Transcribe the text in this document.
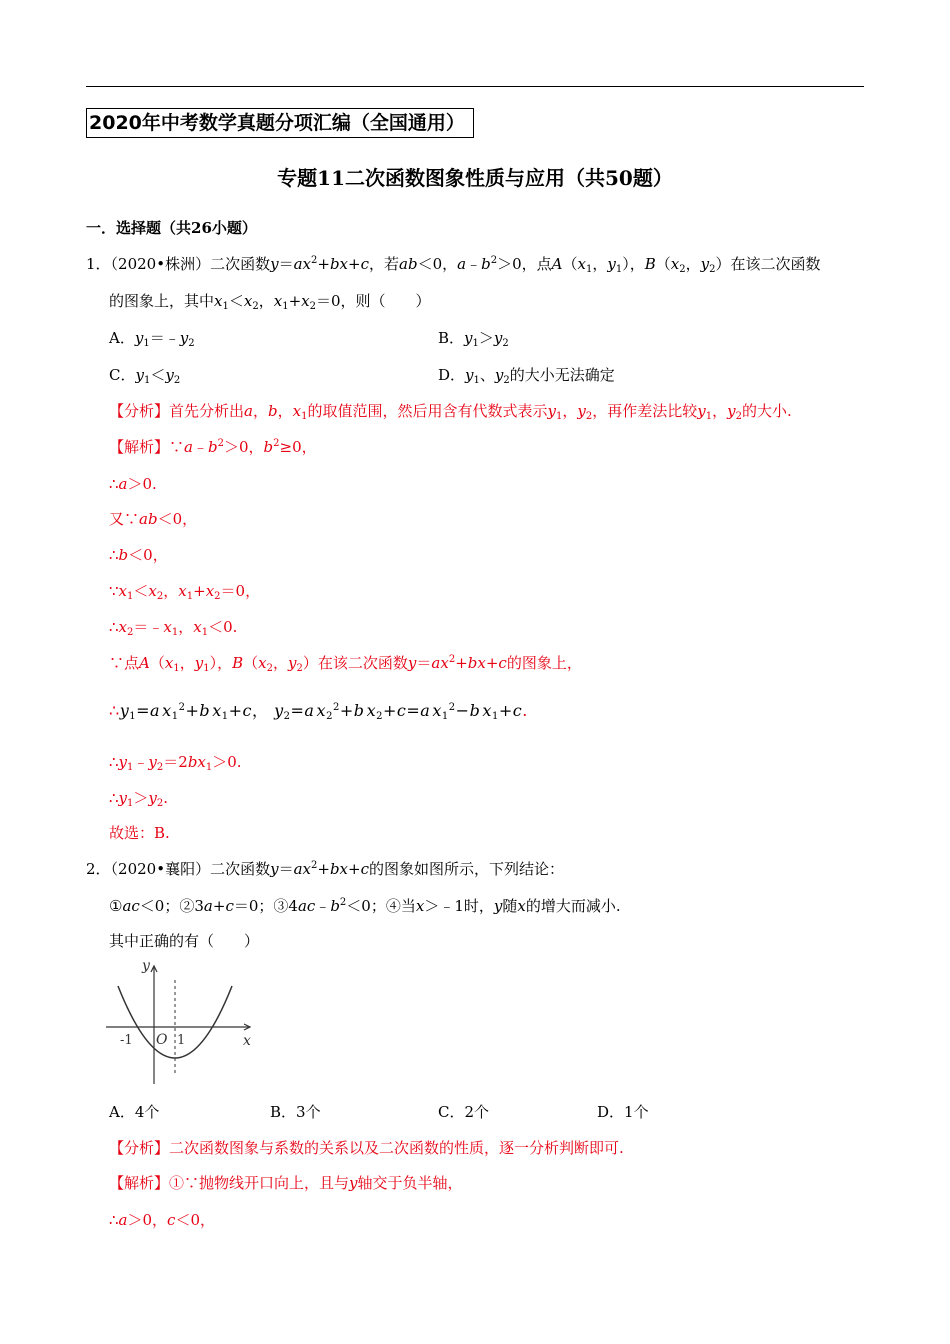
2020年中考数学真题分项汇编（全国通用）
专题11二次函数图象性质与应用（共50题）
一．选择题（共26小题）
1．（2020•株洲）二次函数$y=ax^2+bx+c$，若ab＜0，$a﹣b^2>0$，点$A(x_1$，$y_1$），$B(x_2$，$y_2$）在该二次函数
的图象上，其中$x_1<x_2$，$x_1+x_2=0$，则（　　）
A．$y_1=﹣y_2$	B．$y_1>y_2$
C．$y_1<y_2$	D．$y_1$、$y_2$的大小无法确定
【分析】首先分析出a，b，$x_1$的取值范围，然后用含有代数式表示$y_1$，$y_2$，再作差法比较$y_1$，$y_2$的大小.
【解析】$\because a﹣b^2>0$，$b^2\ge 0$，
∴a＞0.
又∵ab＜0，
∴b＜0，
$\because x_1<x_2$，$x_1+x_2=0$，
$\therefore x_2=﹣x_1$，$x_1<0$.
∵点$A(x_1$，$y_1$），$B(x_2$，$y_2$）在该二次函数$y=ax^2+bx+c$的图象上，
$\therefore y_1=a$  $x_1^2+b$  $x_1+c$， $y_2=a$  $x_2^2+b$  $x_2+c=a$  $x_1^2-b$  $x_1+c$.
$\therefore y_1﹣y_2=2bx_1>0$.
$\therefore y_1>y_2$.
故选：B.
2．（2020•襄阳）二次函数$y=ax^2+bx+c$的图象如图所示，下列结论：
①ac＜0；②3a+c＝0；$③4ac﹣b^2<0$；④当x＞﹣1时，y随x的增大而减小.
其中正确的有（　　）
y
x
-1 O 1
A．4个	B．3个	C．2个	D．1个
【分析】二次函数图象与系数的关系以及二次函数的性质，逐一分析判断即可.
【解析】①∵抛物线开口向上，且与y轴交于负半轴，
∴a＞0，c＜0，
